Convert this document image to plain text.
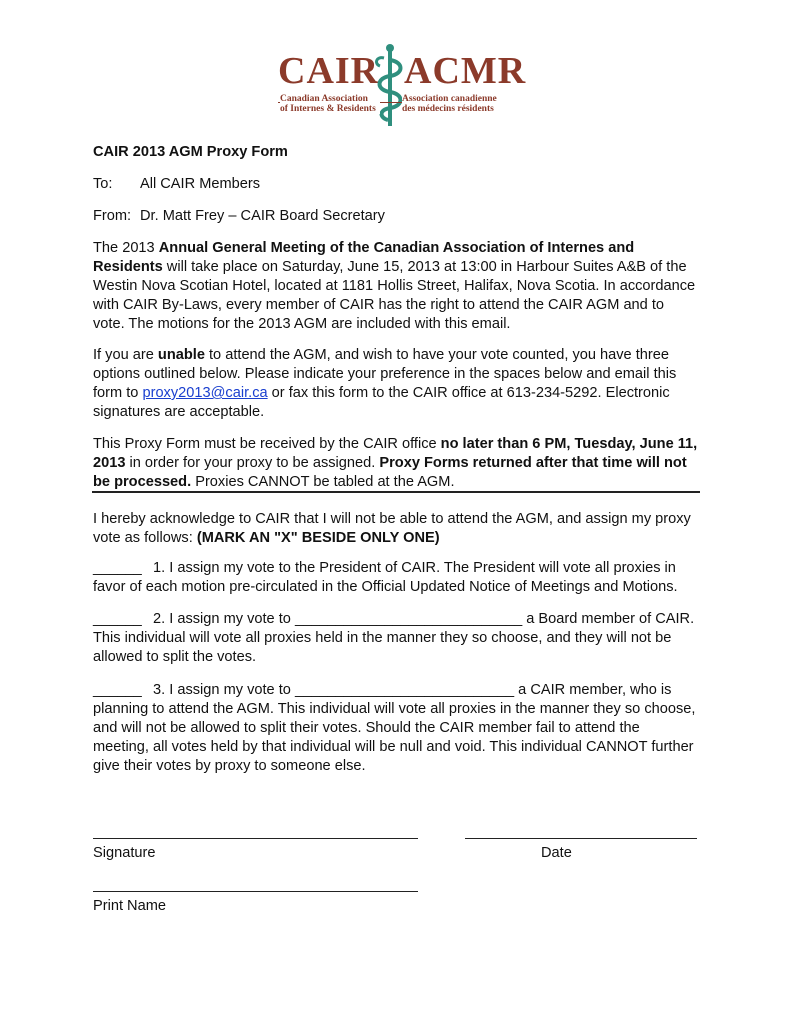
CAIR ACMR
Canadian Association
of Internes & Residents
Association canadienne
des médecins résidents
CAIR 2013 AGM Proxy Form
To: All CAIR Members
From: Dr. Matt Frey – CAIR Board Secretary

The 2013 Annual General Meeting of the Canadian Association of Internes and Residents will take place on Saturday, June 15, 2013 at 13:00 in Harbour Suites A&B of the Westin Nova Scotian Hotel, located at 1181 Hollis Street, Halifax, Nova Scotia. In accordance with CAIR By-Laws, every member of CAIR has the right to attend the CAIR AGM and to vote. The motions for the 2013 AGM are included with this email.

If you are unable to attend the AGM, and wish to have your vote counted, you have three options outlined below. Please indicate your preference in the spaces below and email this form to proxy2013@cair.ca or fax this form to the CAIR office at 613-234-5292. Electronic signatures are acceptable.

This Proxy Form must be received by the CAIR office no later than 6 PM, Tuesday, June 11, 2013 in order for your proxy to be assigned. Proxy Forms returned after that time will not be processed. Proxies CANNOT be tabled at the AGM.

I hereby acknowledge to CAIR that I will not be able to attend the AGM, and assign my proxy vote as follows: (MARK AN "X" BESIDE ONLY ONE)

______ 1. I assign my vote to the President of CAIR. The President will vote all proxies in favor of each motion pre-circulated in the Official Updated Notice of Meetings and Motions.

______ 2. I assign my vote to ____________________________ a Board member of CAIR. This individual will vote all proxies held in the manner they so choose, and they will not be allowed to split the votes.

______ 3. I assign my vote to ___________________________ a CAIR member, who is planning to attend the AGM. This individual will vote all proxies in the manner they so choose, and will not be allowed to split their votes. Should the CAIR member fail to attend the meeting, all votes held by that individual will be null and void. This individual CANNOT further give their votes by proxy to someone else.

Signature	Date
Print Name
